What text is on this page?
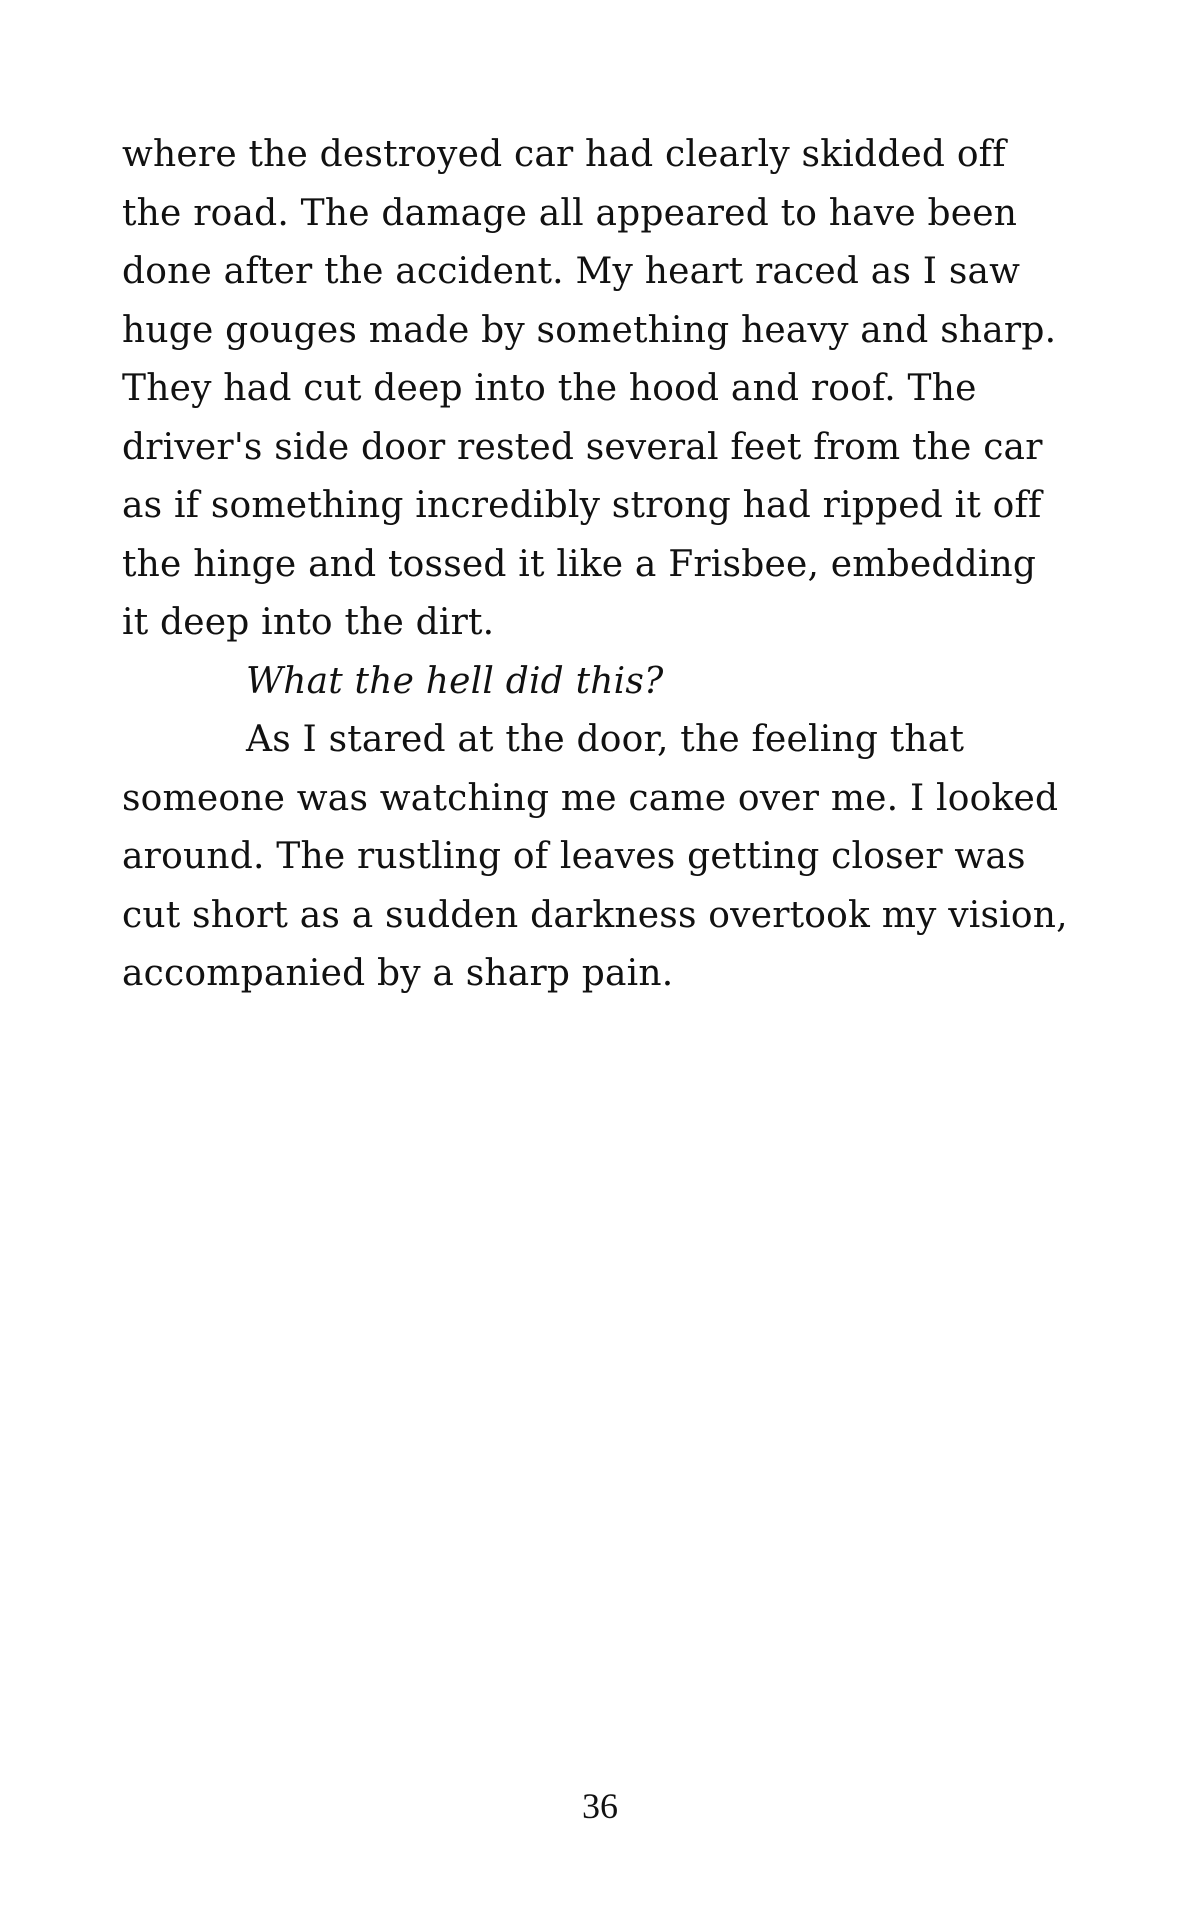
where the destroyed car had clearly skidded off
the road. The damage all appeared to have been
done after the accident. My heart raced as I saw
huge gouges made by something heavy and sharp.
They had cut deep into the hood and roof. The
driver's side door rested several feet from the car
as if something incredibly strong had ripped it off
the hinge and tossed it like a Frisbee, embedding
it deep into the dirt.
What the hell did this?
As I stared at the door, the feeling that
someone was watching me came over me. I looked
around. The rustling of leaves getting closer was
cut short as a sudden darkness overtook my vision,
accompanied by a sharp pain.
36
